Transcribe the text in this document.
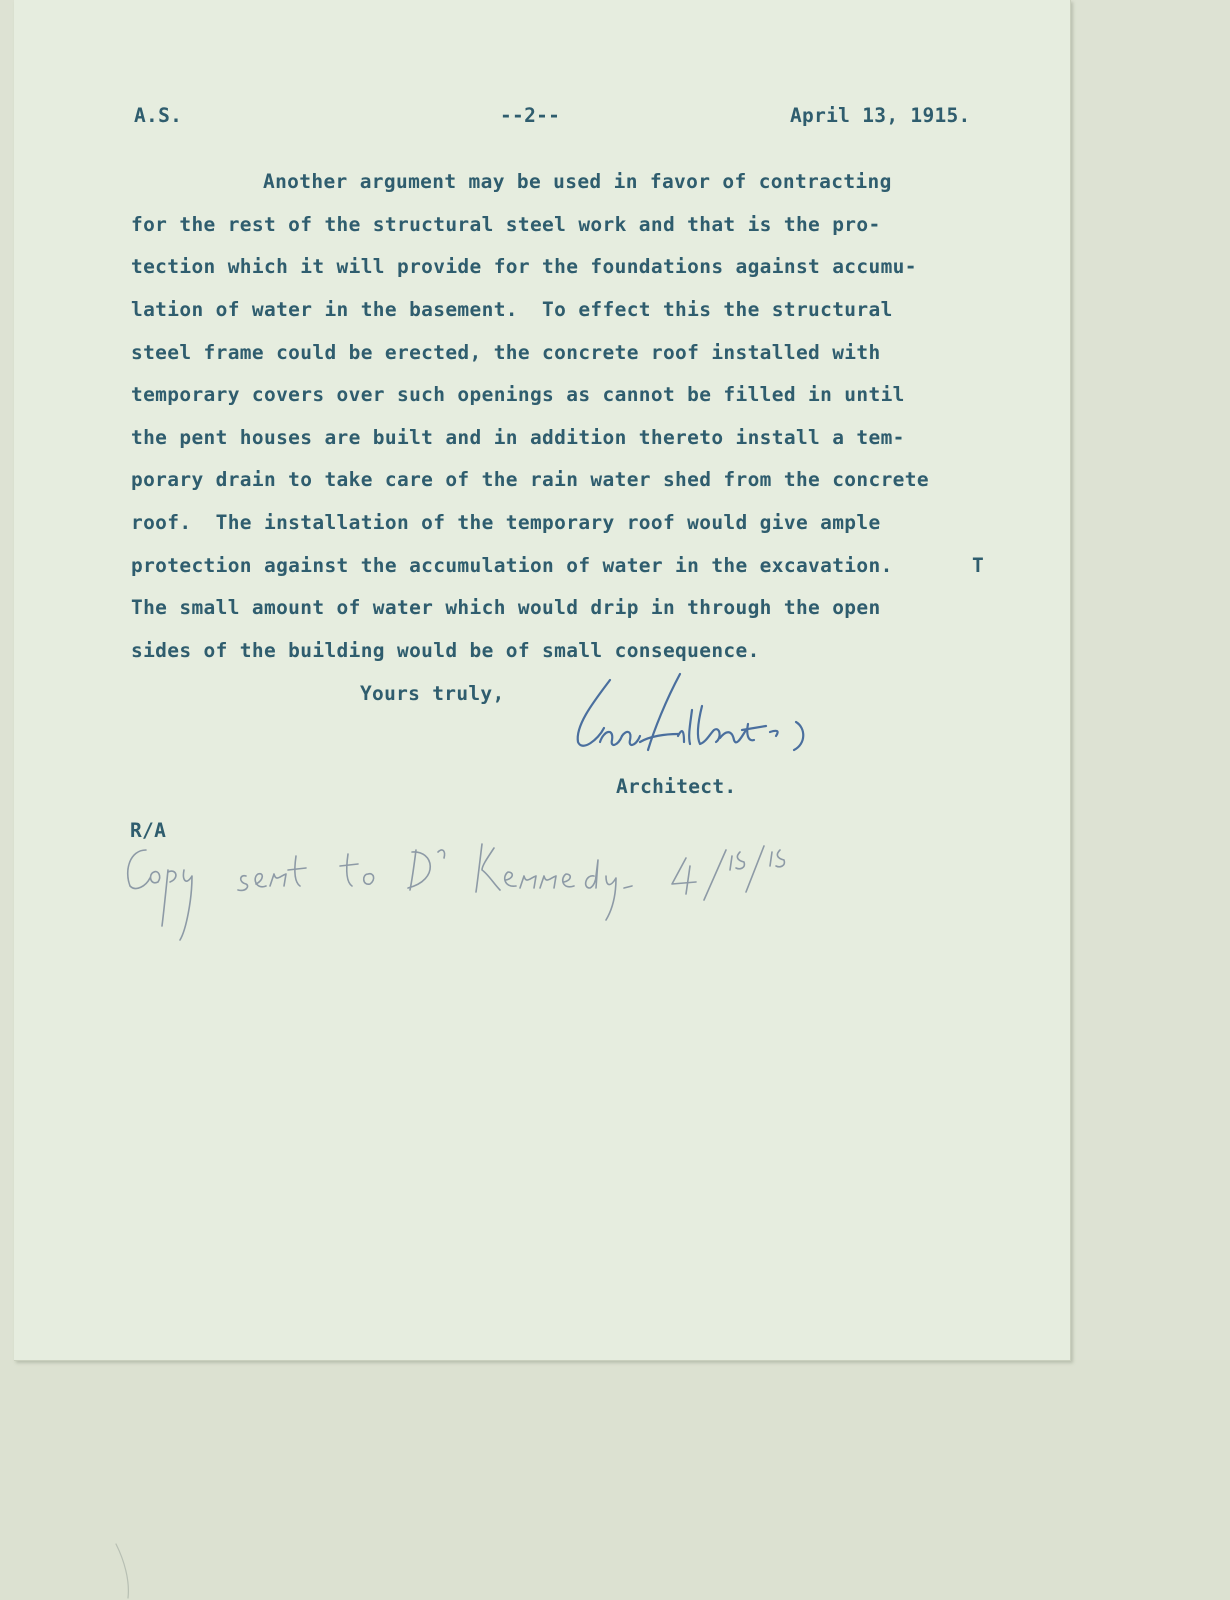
A.S.	--2--	April 13, 1915.
Another argument may be used in favor of contracting
for the rest of the structural steel work and that is the pro-
tection which it will provide for the foundations against accumu-
lation of water in the basement.  To effect this the structural
steel frame could be erected, the concrete roof installed with
temporary covers over such openings as cannot be filled in until
the pent houses are built and in addition thereto install a tem-
porary drain to take care of the rain water shed from the concrete
roof.  The installation of the temporary roof would give ample
protection against the accumulation of water in the excavation.	T
The small amount of water which would drip in through the open
sides of the building would be of small consequence.
Yours truly,
Architect.
R/A
